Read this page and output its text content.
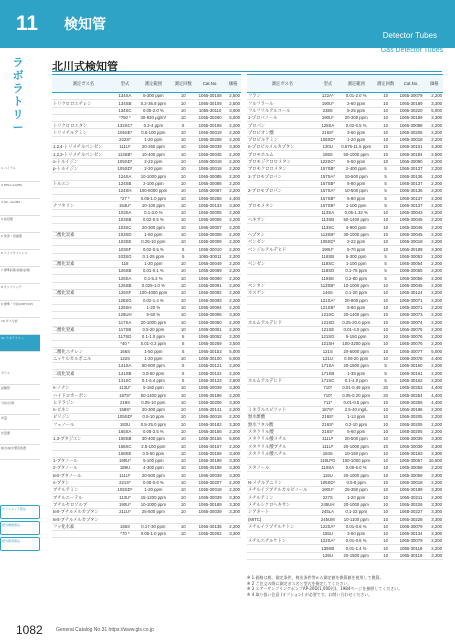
11	検知管
Detector Tubes
ラボラトリー
1 バイアル
2 HPLC,LC/MS
3 GC, GC/MS
4 前処理
5 洗浄・培養器
6 ライフサイエンス
7 標準試薬/溶媒/試薬
8 サンプリング
9 標準・分析(XRF/ICP)
10 ガス分析
11 ラボラトリー
ガラス
試験管
分析/計測
秤量
計量器
純水/純水製造装置
ガラスキット製品
研究機器製品
研究開発製品
北川式検知管
Gas Detector Tubes
測定ガス名	型式	測定範囲	測定回数	Cat.No.	価格
	134SA	5-300 ppm	10	1065-30108	2,500
トリクロロエチレン	134SB	0.2-36.8 ppm	10	1065-30109	2,500
	134SC	0.05-2.0 %	10	1065-30110	3,000
	*750 *	30-920 μg/m³	10	1065-30260	5,000
トリクロロエタン	132SC*	0.2-4 ppm	5	1065-30105	2,200
トリメチルアミン	105SE*	0.5-100 ppm	10	1065-30019	2,200
	222S*	1-20 ppm	10	1065-30208	2,200
1,2,4-トリメチルベンゼン	111U*	20-250 ppm	10	1065-30039	3,300
1,2,3-トリメチルベンゼン	113SB*	10-400 ppm	10	1065-30045	2,200
o-トルイジン	105SD*	2-22 ppm	10	1065-30018	2,200
p-トルイジン	105SD*	2-20 ppm	10	1065-30018	2,200
	124SA	10-1000 ppm	10	1065-30085	2,200
トルエン	124SB	2-100 ppm	10	1065-30086	2,200
	124SH	100-6000 ppm	10	1065-30087	2,200
	*27 *	0.05-1.0 ppm	10	1065-30256	4,400
ナフタリン	153U*	10-100 ppm	10	1065-30133	3,300
	103SA	0.1-3.0 %	10	1065-30005	2,200
	103SB	0.02-0.5 %	10	1065-30006	2,200
	103SC	20-300 ppm	10	1065-30007	2,200
二酸化炭素	103SD	1-60 ppm	10	1065-30008	2,200
	103SE	0.25-10 ppm	10	1065-30009	2,200
	103SF	0.02-0.5 %	5	1065-30010	2,200
	103SG	0.1-25 ppm	5	1065-30011	2,200
二酸化炭素	116	1-20 ppm	10	1065-30049	2,200
	126SB	0.01-0.1 %	10	1065-30089	2,200
	126SA	0.1-5.2 %	10	1065-30090	2,200
	126SB	0.025-1.0 %	10	1065-30091	2,200
二酸化炭素	126SF	100-4000 ppm	10	1065-30092	2,200
	126SG	0.02-1.4 %	10	1065-30093	2,200
	126SH	1-20 %	10	1065-30094	2,200
	126UH	5-50 %	10	1065-30095	3,300
	117SA	20-1000 ppm	10	1065-30050	2,200
二酸化窒素	117SB	0.5-20 ppm	10	1065-30051	2,200
	117SD	0.1-1.0 ppm	5	1065-30052	2,200
	*40 *	0.01-0.2 ppm	5	1065-30259	3,500
二酸化エチレン	166S	1-50 ppm	5	1065-30153	5,000
ニッケルカルボニル	122S	1-20 ppm	10	1065-30100	5,000
	141SA	50-500 ppm	5	1065-30121	2,200
二硫化炭素	141SB	0.8-50 ppm	5	1065-30122	2,200
	141SC	0.1-6.4 ppm	5	1065-30123	2,600
n-ノナン	113U*	5-150 ppm	10	1065-30039	3,300
ハイドロカーボン	187S*	50-1400 ppm	10	1065-30186	2,200
ヒドラジン	219S	0.05-10 ppm	10	1065-30206	3,300
n-ピネン	158S*	20-300 ppm	10	1065-30141	2,200
ピリジン	105SD*	0.5-10 ppm	10	1065-30018	2,200
フェノール	183U	0.5-25.0 ppm	10	1065-30182	3,300
	165SA	0.05-2.5 %	10	1065-30156	2,200
1,3-ブタジエン	168SB	30-400 ppm	10	1065-30156	5,000
	168SC	2.5-100 ppm	10	1065-30157	2,200
	168SE	0.5-50 ppm	10	1065-30158	3,400
1-ブタノール	190U*	5-100 ppm	10	1065-30189	3,300
2-ブタノール	189U	4-300 ppm	10	1065-30188	3,300
tert-ブタノール	111U*	20-500 ppm	10	1065-30039	3,300
n-ブタン	221S*	0.05-0.6 %	10	1065-30207	2,200
ブチルアミン	105SD*	1-20 ppm	10	1065-30018	2,200
ブチルエーテル	113U*	15-1200 ppm	10	1065-30039	3,300
ブチルセロソルブ	190U*	10-1000 ppm	10	1065-30189	3,300
tert-ブチルメルカプタン	211U*	25-500 ppm	10	1065-30039	3,300
tert-ブチルメルカプタン					
フッ化水素	156S	0.17-30 ppm	10	1065-30135	2,200
	*70 *	0.05-1.0 ppm	10	1065-30262	3,300
測定ガス名	型式	測定範囲	測定回数	Cat.No.	価格
フラン	122A*	0.01-2.0 %	10	1065-30079	2,200
フルフラール	190U*	2-60 ppm	10	1065-30189	3,300
フルフリルアルコール	238S	5-25 ppm	10	1065-30220	5,000
1-プロパノール	190U*	20-300 ppm	10	1065-30189	3,300
プロパン	125SA	0.02-0.5 %	10	1065-30088	2,200
プロピオン酸	216S*	3-50 ppm	10	1065-30205	2,200
プロピルアミン	105SD*	1-20 ppm	10	1065-30018	2,200
n-プロピルメルカプタン	130U	0.575-11.5 ppm	10	1065-30101	3,300
ブロモホルム	185S	50-1000 ppm	10	1065-30184	2,500
ブロモジクロロメタン	122SC*	5-50 ppm	10	1065-30080	2,200
ブロモクロロメタン	157SB*	2-400 ppm	5	1065-30137	2,200
1-ブロモプロパン	157SA*	10-500 ppm	5	1065-30136	2,200
	157SB*	5-80 ppm	5	1065-30137	2,200
2-ブロモプロパン	157SA*	10-500 ppm	5	1065-30136	2,200
	157SB*	5-80 ppm	5	1065-30137	2,200
ブロモメタン	157SB*	1-100 ppm	5	1065-30137	2,200
	113SA	0.05-1.32 %	10	1065-30043	2,200
ヘキサン	113SB	50-1400 ppm	10	1065-30045	2,200
	113SC	4-800 ppm	10	1065-30046	2,200
ヘプタン	113SB*	30-1000 ppm	10	1065-30045	2,200
ベンゼン	105SD*	2-22 ppm	10	1065-30018	2,200
ベンジルアルデヒド	190U*	5-70 ppm	10	1065-30189	3,300
	118SB	5-300 ppm	5	1065-30053	2,200
ベンゼン	118SC	1-100 ppm	5	1065-30054	2,200
	118SD	0.1-75 ppm	5	1065-30055	2,200
	118SE	0.2-80 ppm	5	1065-30056	2,200
ペンタン	113SB*	10-1000 ppm	10	1065-30045	2,200
ホスゲン	146S	0.1-20 ppm	10	1065-30124	2,200
	121SA*	20-800 ppm	10	1065-30071	2,200
	121SB*	5-80 ppm	10	1065-30071	2,200
	121SC	20-1400 ppm	10	1065-30073	2,200
ホルムアルデヒド	121SD	0.25-20.0 ppm	10	1065-30074	2,200
	121SE	0.01-4.0 ppm	10	1065-30075	2,200
	121SG	5-150 ppm	10	1065-30076	2,200
	121SH	100-3200 ppm	10	1065-30076	2,200
	121S	20-5000 ppm	10	1065-30077	5,000
	121U	0.09-20 ppm	10	1065-30078	4,400
	171SA	20-1500 ppm	5	1065-30160	2,200
	171SB	1-35 ppm	5	1065-30161	2,200
ホルムアルデヒド	171SC	0.1-4.0 ppm	5	1065-30162	2,200
	710*	0.01-0.48 ppm	20	1065-30253	4,400
	710*	0.05-0.20 ppm	20	1065-30254	4,400
	711*	0.01-0.5 ppm	10	1065-30255	4,400
ミネラルスピリット	187S*	2.5-40 mg/L	10	1065-30186	2,200
無水酢酸	216S*	1-13 ppm	10	1065-30205	2,200
無水フタル酸	216S*	0.2-10 ppm	10	1065-30205	2,200
メタクリル酸	216S*	5-60 ppm	10	1065-30205	2,200
メタクリル酸メチル	111U*	20-500 ppm	10	1065-30039	3,300
メタクリル酸ブチル	111U*	20-1000 ppm	10	1065-30039	3,300
メタクリル酸エチル	184S	10-160 ppm	10	1065-30183	3,300
	119LPG	100-1000 ppm	10	1065-30057	16,500
メタノール	119SA	0.05-6.0 %	10	1065-30058	2,200
	119U	20-1000 ppm	10	1065-30059	3,300
N-メチルアニリン	105SD*	0.5-8 ppm	10	1065-30018	2,200
メチルイソブチルカルビノール	190U*	25-350 ppm	10	1065-30189	3,300
メチルアミン	227S	1-20 ppm	10	1065-30211	2,200
メチルシクロヘキサン	245UH	20-1000 ppm	10	1065-30226	3,300
シアネート	245LA	0.1-22 ppm	10	1065-30227	3,300
(MITC)	245UM	10-1100 ppm	10	1065-30228	3,300
メチルイソプチルケトン	122SA*	0.01-0.6 %	10	1065-30079	2,200
	155U	3-50 ppm	10	1065-30134	3,300
メチルエチルケトン	122SA*	0.01-0.6 %	10	1065-30079	2,200
	139SB	0.01-1.4 %	10	1065-30118	2,200
	139U	20-1500 ppm	10	1065-30119	3,300
※ 1 価格は税、測定条件、検出条件等から測定値を換算値を使用して換算。
※ 2 ご注文の際に測定ガス名と型式を指定してください。
※ 3 エアーサンプリングポンプAP-20D(1,000円)、1984ページを参照してください。
※ 4 取り扱い注意 (オプション) が必要です。お問い合わせください。
1082	General Catalog No.31 https://www.gls.co.jp
